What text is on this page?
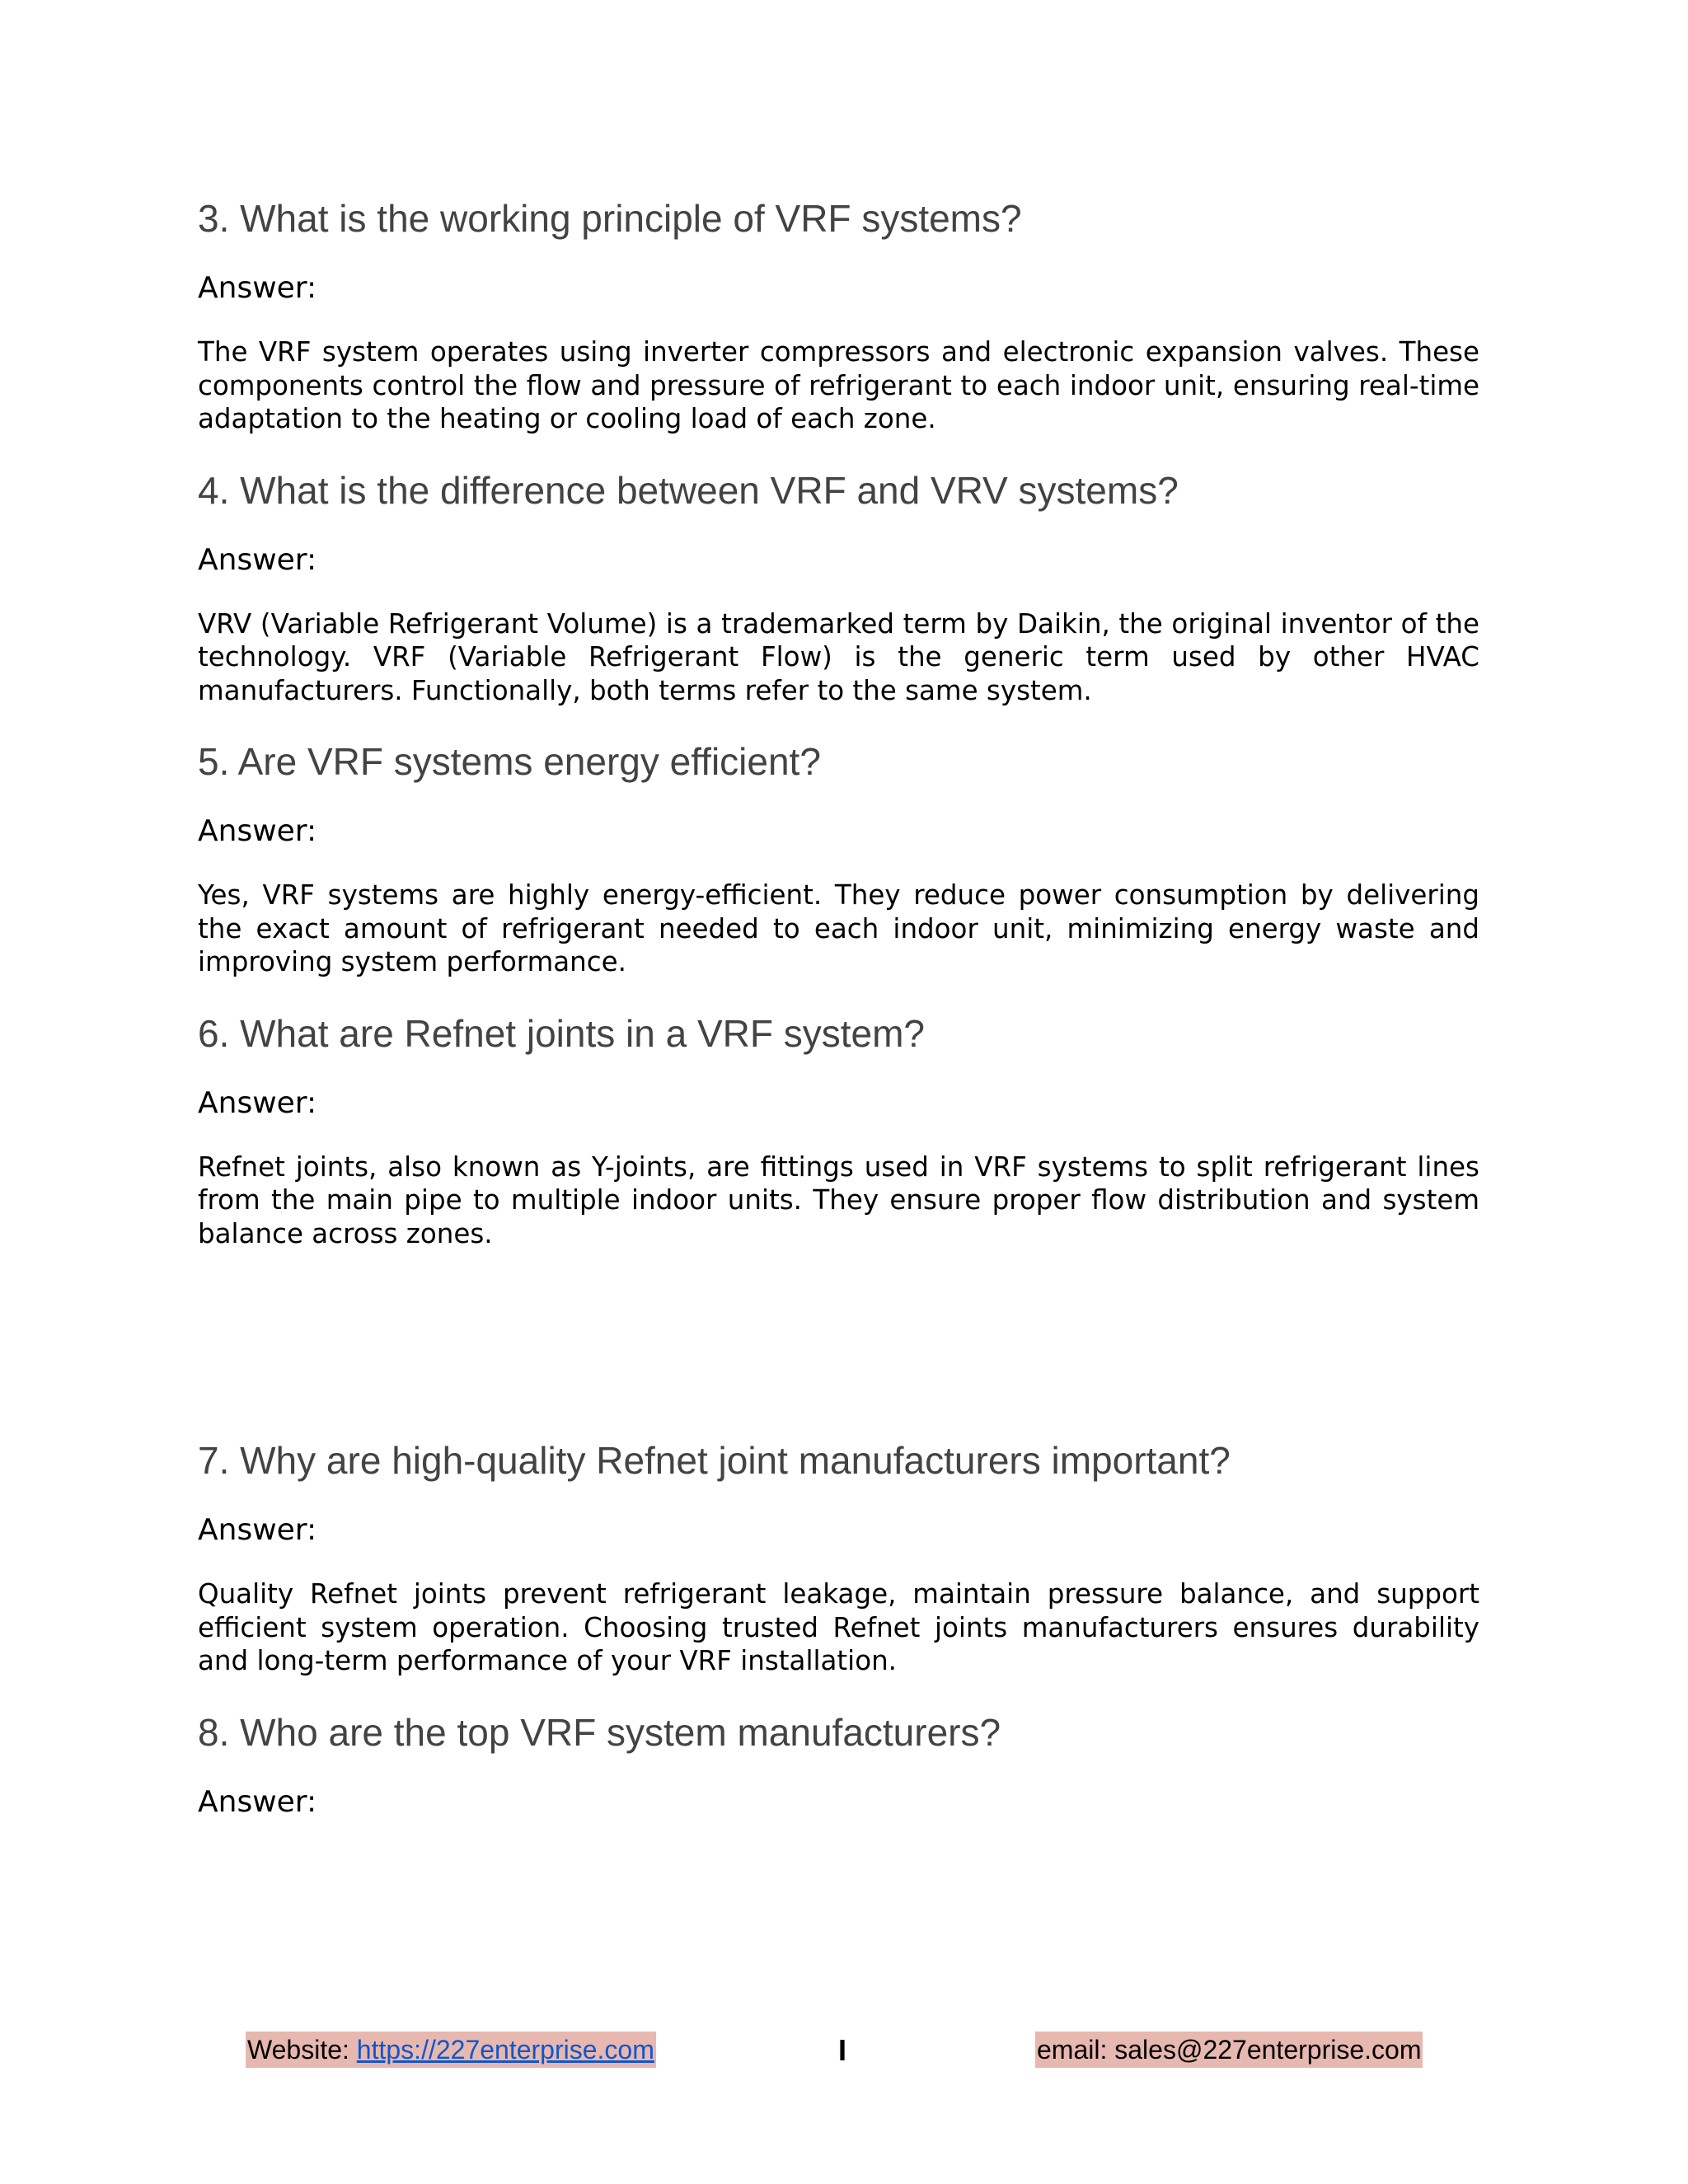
3. What is the working principle of VRF systems?
Answer:

The VRF system operates using inverter compressors and electronic expansion valves. These components control the flow and pressure of refrigerant to each indoor unit, ensuring real-time adaptation to the heating or cooling load of each zone.

4. What is the difference between VRF and VRV systems?
Answer:

VRV (Variable Refrigerant Volume) is a trademarked term by Daikin, the original inventor of the technology. VRF (Variable Refrigerant Flow) is the generic term used by other HVAC manufacturers. Functionally, both terms refer to the same system.

5. Are VRF systems energy efficient?
Answer:

Yes, VRF systems are highly energy-efficient. They reduce power consumption by delivering the exact amount of refrigerant needed to each indoor unit, minimizing energy waste and improving system performance.

6. What are Refnet joints in a VRF system?
Answer:

Refnet joints, also known as Y-joints, are fittings used in VRF systems to split refrigerant lines from the main pipe to multiple indoor units. They ensure proper flow distribution and system balance across zones.

7. Why are high-quality Refnet joint manufacturers important?
Answer:

Quality Refnet joints prevent refrigerant leakage, maintain pressure balance, and support efficient system operation. Choosing trusted Refnet joints manufacturers ensures durability and long-term performance of your VRF installation.

8. Who are the top VRF system manufacturers?
Answer:
Website: https://227enterprise.com	I	email: sales@227enterprise.com
